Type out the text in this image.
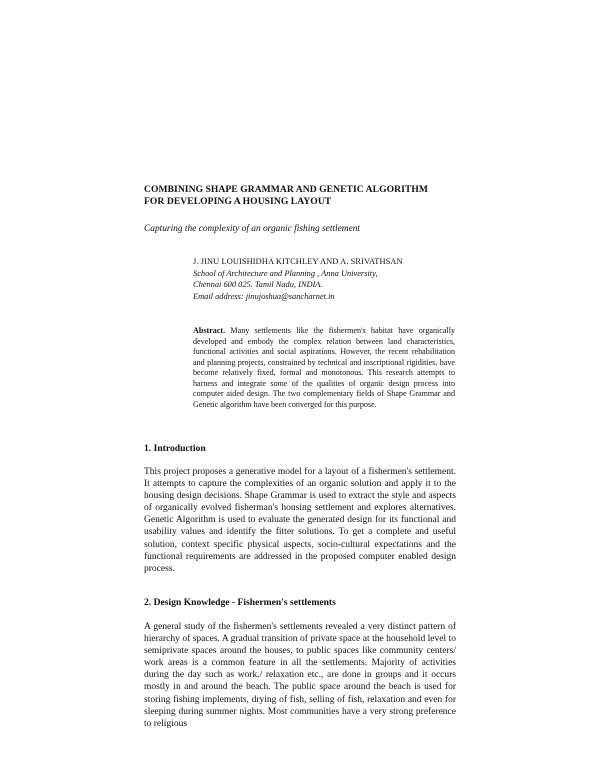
COMBINING SHAPE GRAMMAR AND GENETIC ALGORITHM
FOR DEVELOPING A HOUSING LAYOUT
Capturing the complexity of an organic fishing settlement
J. JINU LOUISHIDHA KITCHLEY AND A. SRIVATHSAN
School of Architecture and Planning , Anna University,
Chennai 600 025. Tamil Nadu, INDIA.
Email address: jinujoshua@sancharnet.in
Abstract. Many settlements like the fishermen's habitat have organically developed and embody the complex relation between land characteristics, functional activities and social aspirations. However, the recent rehabilitation and planning projects, constrained by technical and inscriptional rigidities, have become relatively fixed, formal and monotonous. This research attempts to harness and integrate some of the qualities of organic design process into computer aided design. The two complementary fields of Shape Grammar and Genetic algorithm have been converged for this purpose.
1. Introduction
This project proposes a generative model for a layout of a fishermen's settlement. It attempts to capture the complexities of an organic solution and apply it to the housing design decisions. Shape Grammar is used to extract the style and aspects of organically evolved fisherman's housing settlement and explores alternatives. Genetic Algorithm is used to evaluate the generated design for its functional and usability values and identify the fitter solutions. To get a complete and useful solution, context specific physical aspects, socio-cultural expectations and the functional requirements are addressed in the proposed computer enabled design process.
2. Design Knowledge - Fishermen's settlements
A general study of the fishermen's settlements revealed a very distinct pattern of hierarchy of spaces. A gradual transition of private space at the household level to semiprivate spaces around the houses, to public spaces like community centers/ work areas is a common feature in all the settlements. Majority of activities during the day such as work./ relaxation etc., are done in groups and it occurs mostly in and around the beach. The public space around the beach is used for storing fishing implements, drying of fish, selling of fish, relaxation and even for sleeping during summer nights. Most communities have a very strong preference to religious
